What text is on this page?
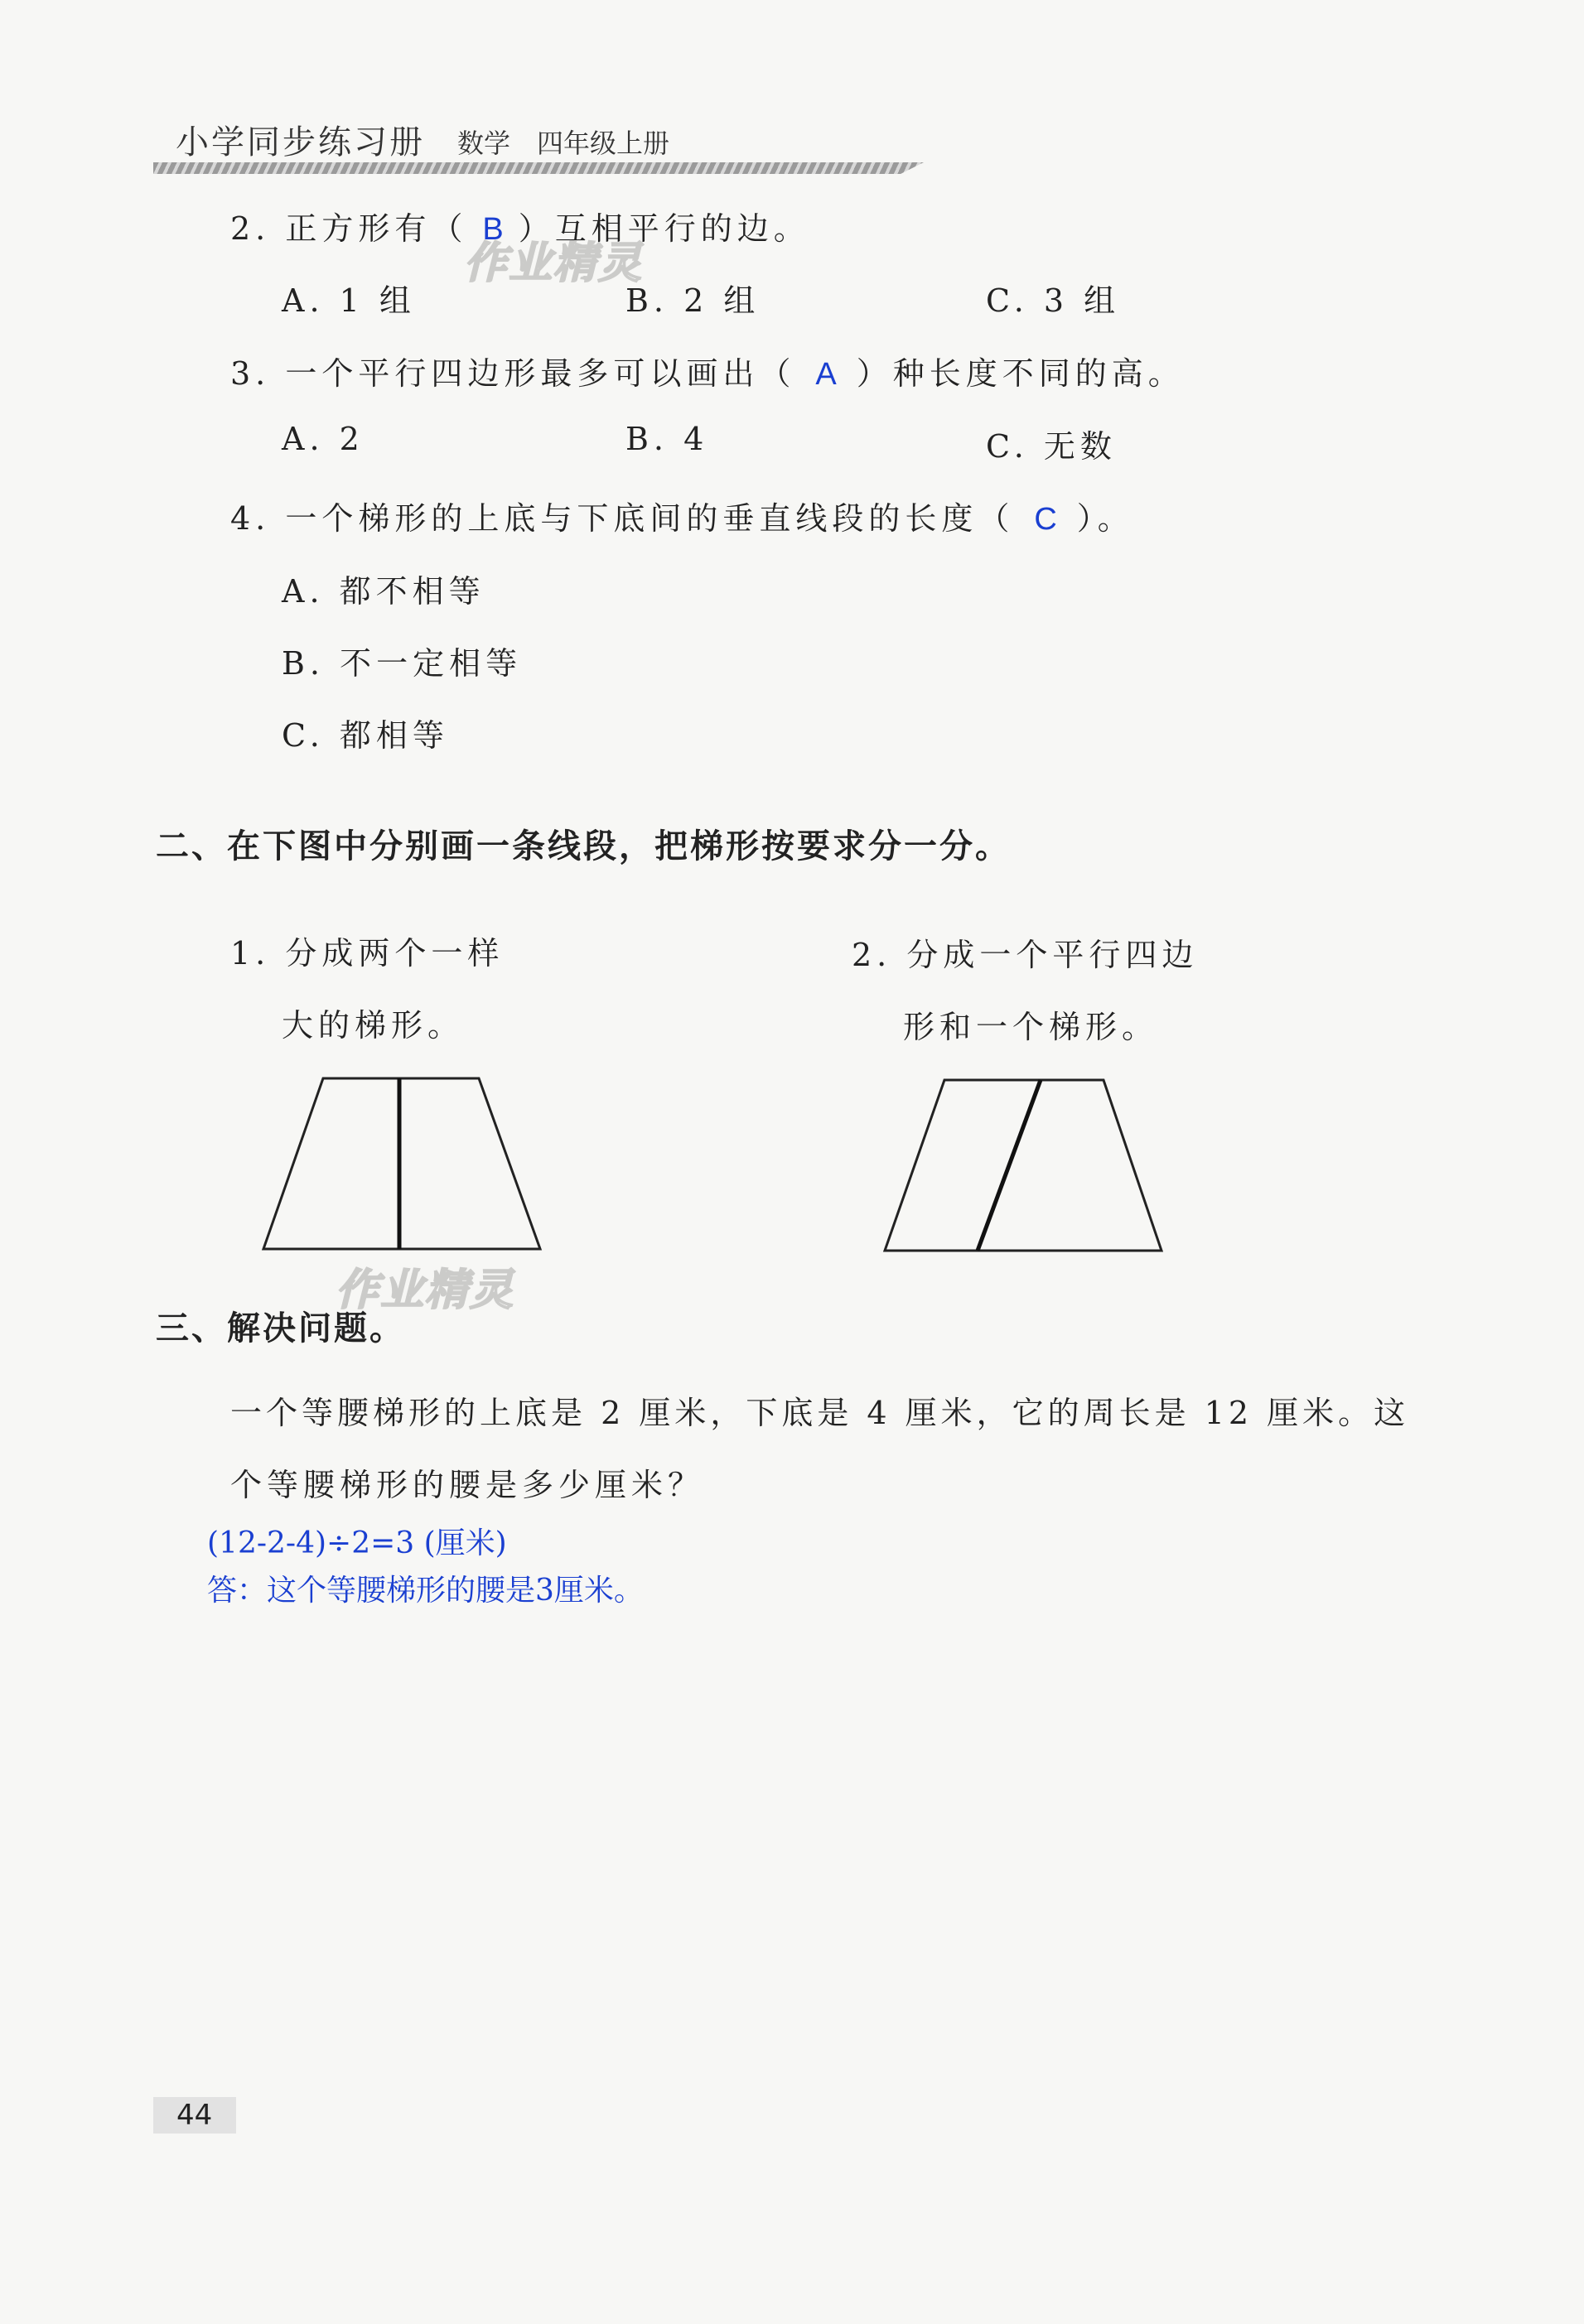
小学同步练习册 数学 四年级上册
2. 正方形有（ B ）互相平行的边。
A. 1 组	B. 2 组	C. 3 组
作业精灵
3. 一个平行四边形最多可以画出（ A ）种长度不同的高。
A. 2	B. 4	C. 无数
4. 一个梯形的上底与下底间的垂直线段的长度（ C ）。
A. 都不相等
B. 不一定相等
C. 都相等
二、在下图中分别画一条线段，把梯形按要求分一分。
1. 分成两个一样
大的梯形。
2. 分成一个平行四边
形和一个梯形。
作业精灵
三、解决问题。
一个等腰梯形的上底是 2 厘米，下底是 4 厘米，它的周长是 12 厘米。这
个等腰梯形的腰是多少厘米？
(12-2-4)÷2=3 (厘米)
答：这个等腰梯形的腰是3厘米。
44
